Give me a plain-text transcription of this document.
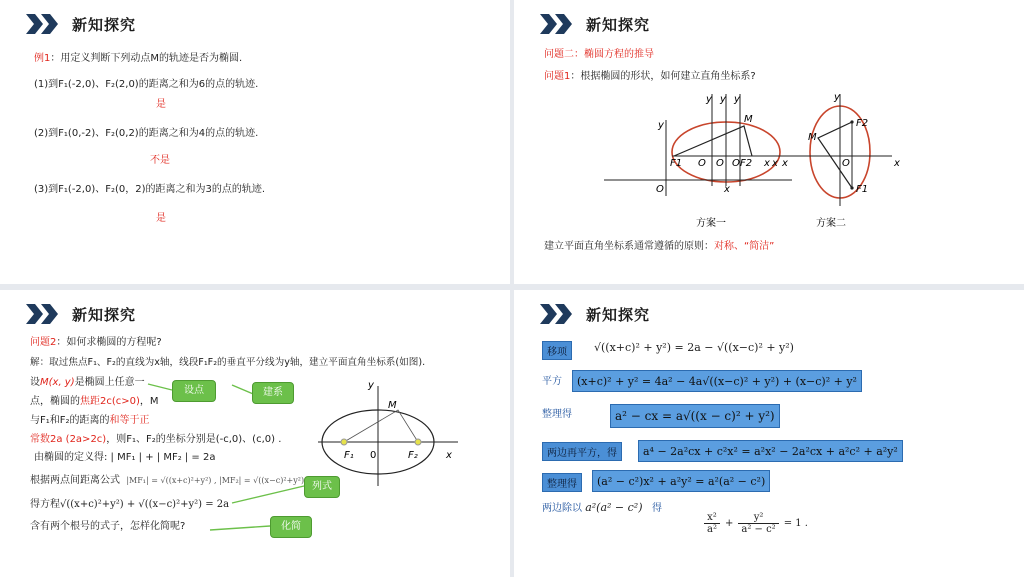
新知探究
例1：用定义判断下列动点M的轨迹是否为椭圆.
(1)到F₁(-2,0)、F₂(2,0)的距离之和为6的点的轨迹.
是
(2)到F₁(0,-2)、F₂(0,2)的距离之和为4的点的轨迹.
不是
(3)到F₁(-2,0)、F₂(0，2)的距离之和为3的点的轨迹.
是
新知探究
问题二：椭圆方程的推导
问题1：根据椭圆的形状，如何建立直角坐标系?
y
y y y
M
F1 O O O F2 x x x
x
O
方案一
y
F2
F1
M
O	x
方案二
建立平面直角坐标系通常遵循的原则：对称、“简洁”
新知探究
问题2：如何求椭圆的方程呢?
解：取过焦点F₁、F₂的直线为x轴，线段F₁F₂的垂直平分线为y轴，建立平面直角坐标系(如图).
设M(x, y)是椭圆上任意一
点，椭圆的焦距2c(c>0)，M
与F₁和F₂的距离的和等于正
常数2a (2a>2c)，则F₁、F₂的坐标分别是(-c,0)、(c,0) .
由椭圆的定义得: | MF₁ | + | MF₂ | = 2a
根据两点间距离公式 |MF₁| = √((x+c)²+y²) , |MF₂| = √((x−c)²+y²)
得方程√((x+c)²+y²) + √((x−c)²+y²) = 2a
含有两个根号的式子，怎样化简呢?
设点	建系
列式
化简
y
M
F₁ 0	F₂	x
新知探究
移项	√((x+c)² + y²) = 2a − √((x−c)² + y²)
平方	(x+c)² + y² = 4a² − 4a√((x−c)² + y²) + (x−c)² + y²
整理得	a² − cx = a√((x − c)² + y²)
两边再平方，得	a⁴ − 2a²cx + c²x² = a²x² − 2a²cx + a²c² + a²y²
整理得	(a² − c²)x² + a²y² = a²(a² − c²)
两边除以 a²(a² − c²) 得
$\frac{\text{x²}}{\text{a²}} + \frac{\text{y²}}{\text{a² − c²}} = 1$ .
